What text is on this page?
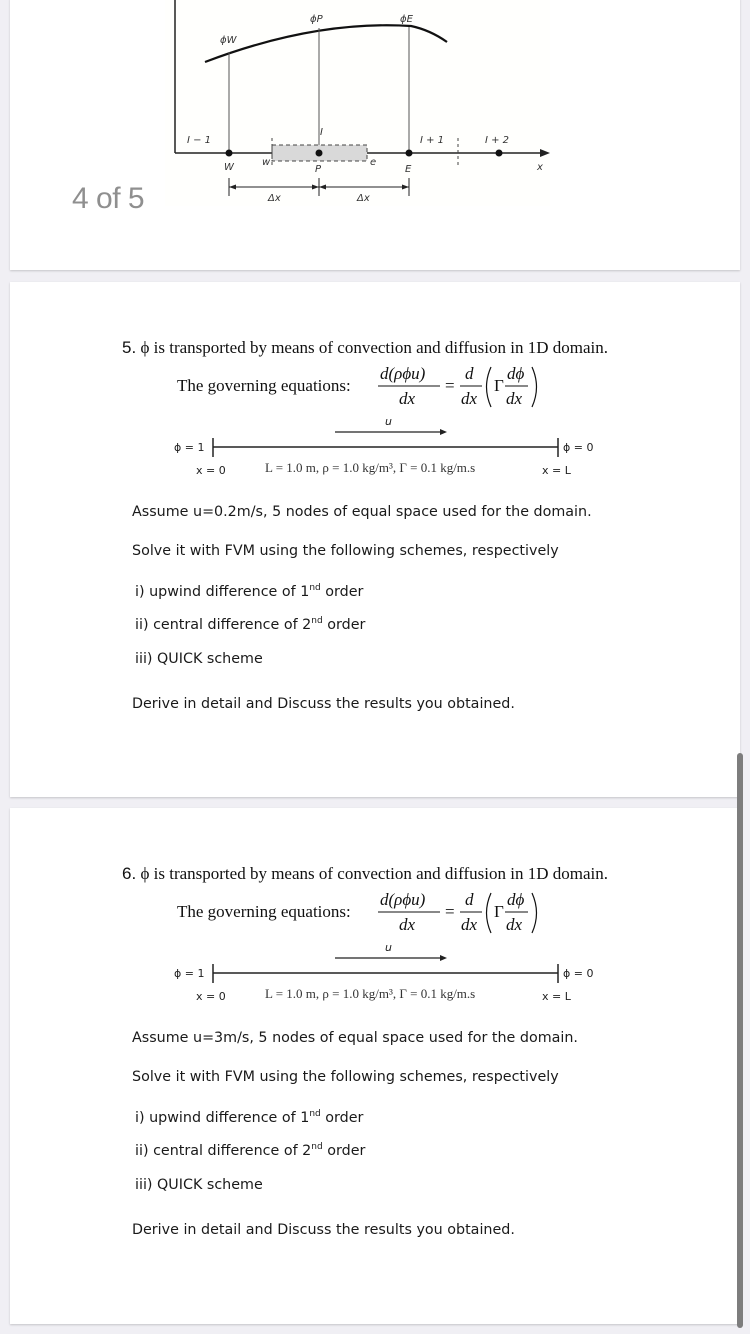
ϕW
ϕP	ϕE
I − 1
I
I + 1	I + 2
W	w
P
e
E	x
Δx	Δx
4 of 5
5. ϕ is transported by means of convection and diffusion in 1D domain.
The governing equations:
d(ρϕu)
dx
=
d
dx
Γ
dϕ
dx
u
ϕ = 1	ϕ = 0
x = 0	x = L
L = 1.0 m, ρ = 1.0 kg/m³, Γ = 0.1 kg/m.s
Assume u=0.2m/s, 5 nodes of equal space used for the domain.
Solve it with FVM using the following schemes, respectively
i) upwind difference of 1nd order
ii) central difference of 2nd order
iii) QUICK scheme
Derive in detail and Discuss the results you obtained.
6. ϕ is transported by means of convection and diffusion in 1D domain.
The governing equations:
d(ρϕu)
dx
=
d
dx
Γ
dϕ
dx
u
ϕ = 1	ϕ = 0
x = 0	x = L
L = 1.0 m, ρ = 1.0 kg/m³, Γ = 0.1 kg/m.s
Assume u=3m/s, 5 nodes of equal space used for the domain.
Solve it with FVM using the following schemes, respectively
i) upwind difference of 1nd order
ii) central difference of 2nd order
iii) QUICK scheme
Derive in detail and Discuss the results you obtained.
